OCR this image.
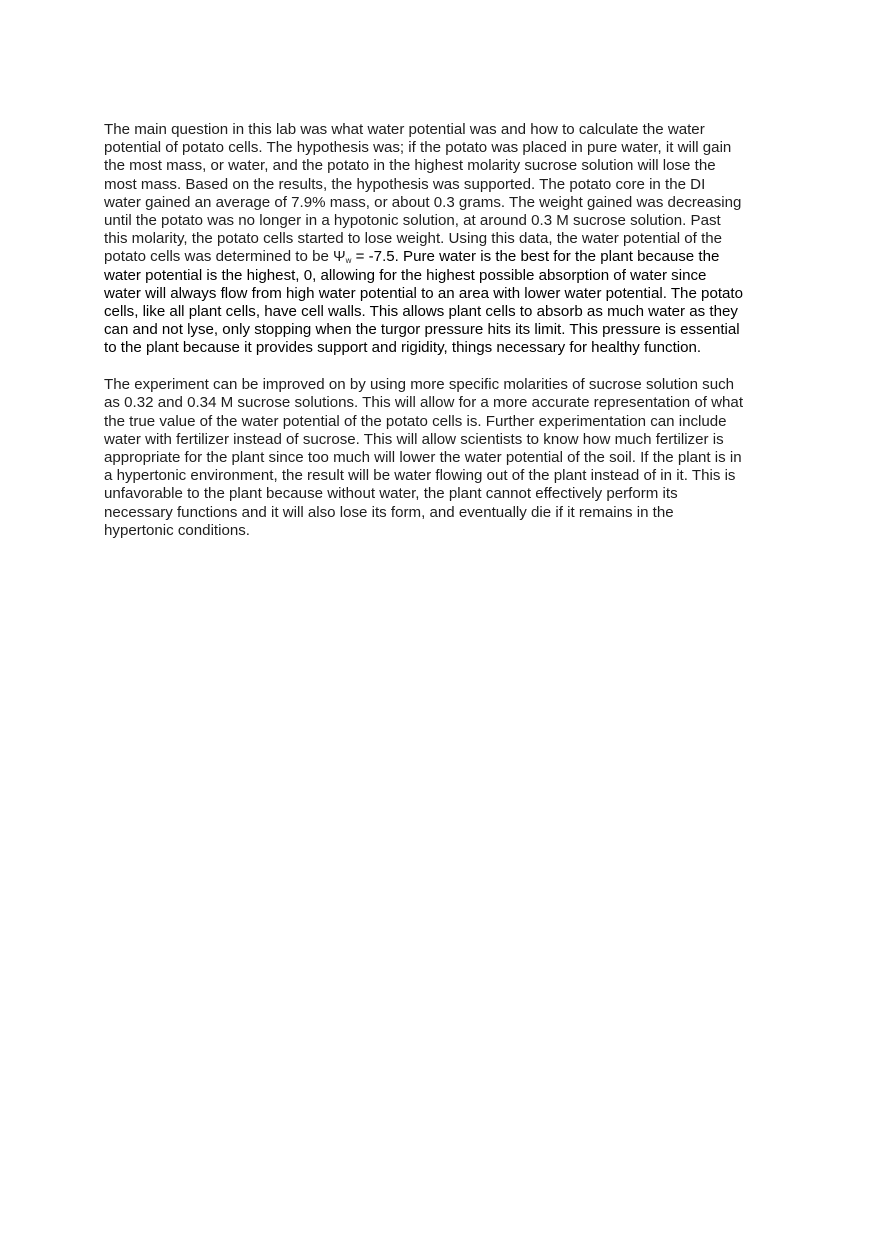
The main question in this lab was what water potential was and how to calculate the water
potential of potato cells. The hypothesis was; if the potato was placed in pure water, it will gain
the most mass, or water, and the potato in the highest molarity sucrose solution will lose the
most mass. Based on the results, the hypothesis was supported. The potato core in the DI
water gained an average of 7.9% mass, or about 0.3 grams. The weight gained was decreasing
until the potato was no longer in a hypotonic solution, at around 0.3 M sucrose solution. Past
this molarity, the potato cells started to lose weight. Using this data, the water potential of the
potato cells was determined to be $\Psi_w = -7.5$. Pure water is the best for the plant because the
water potential is the highest, 0, allowing for the highest possible absorption of water since
water will always flow from high water potential to an area with lower water potential. The potato
cells, like all plant cells, have cell walls. This allows plant cells to absorb as much water as they
can and not lyse, only stopping when the turgor pressure hits its limit. This pressure is essential
to the plant because it provides support and rigidity, things necessary for healthy function.

The experiment can be improved on by using more specific molarities of sucrose solution such
as 0.32 and 0.34 M sucrose solutions. This will allow for a more accurate representation of what
the true value of the water potential of the potato cells is. Further experimentation can include
water with fertilizer instead of sucrose. This will allow scientists to know how much fertilizer is
appropriate for the plant since too much will lower the water potential of the soil. If the plant is in
a hypertonic environment, the result will be water flowing out of the plant instead of in it. This is
unfavorable to the plant because without water, the plant cannot effectively perform its
necessary functions and it will also lose its form, and eventually die if it remains in the
hypertonic conditions.
